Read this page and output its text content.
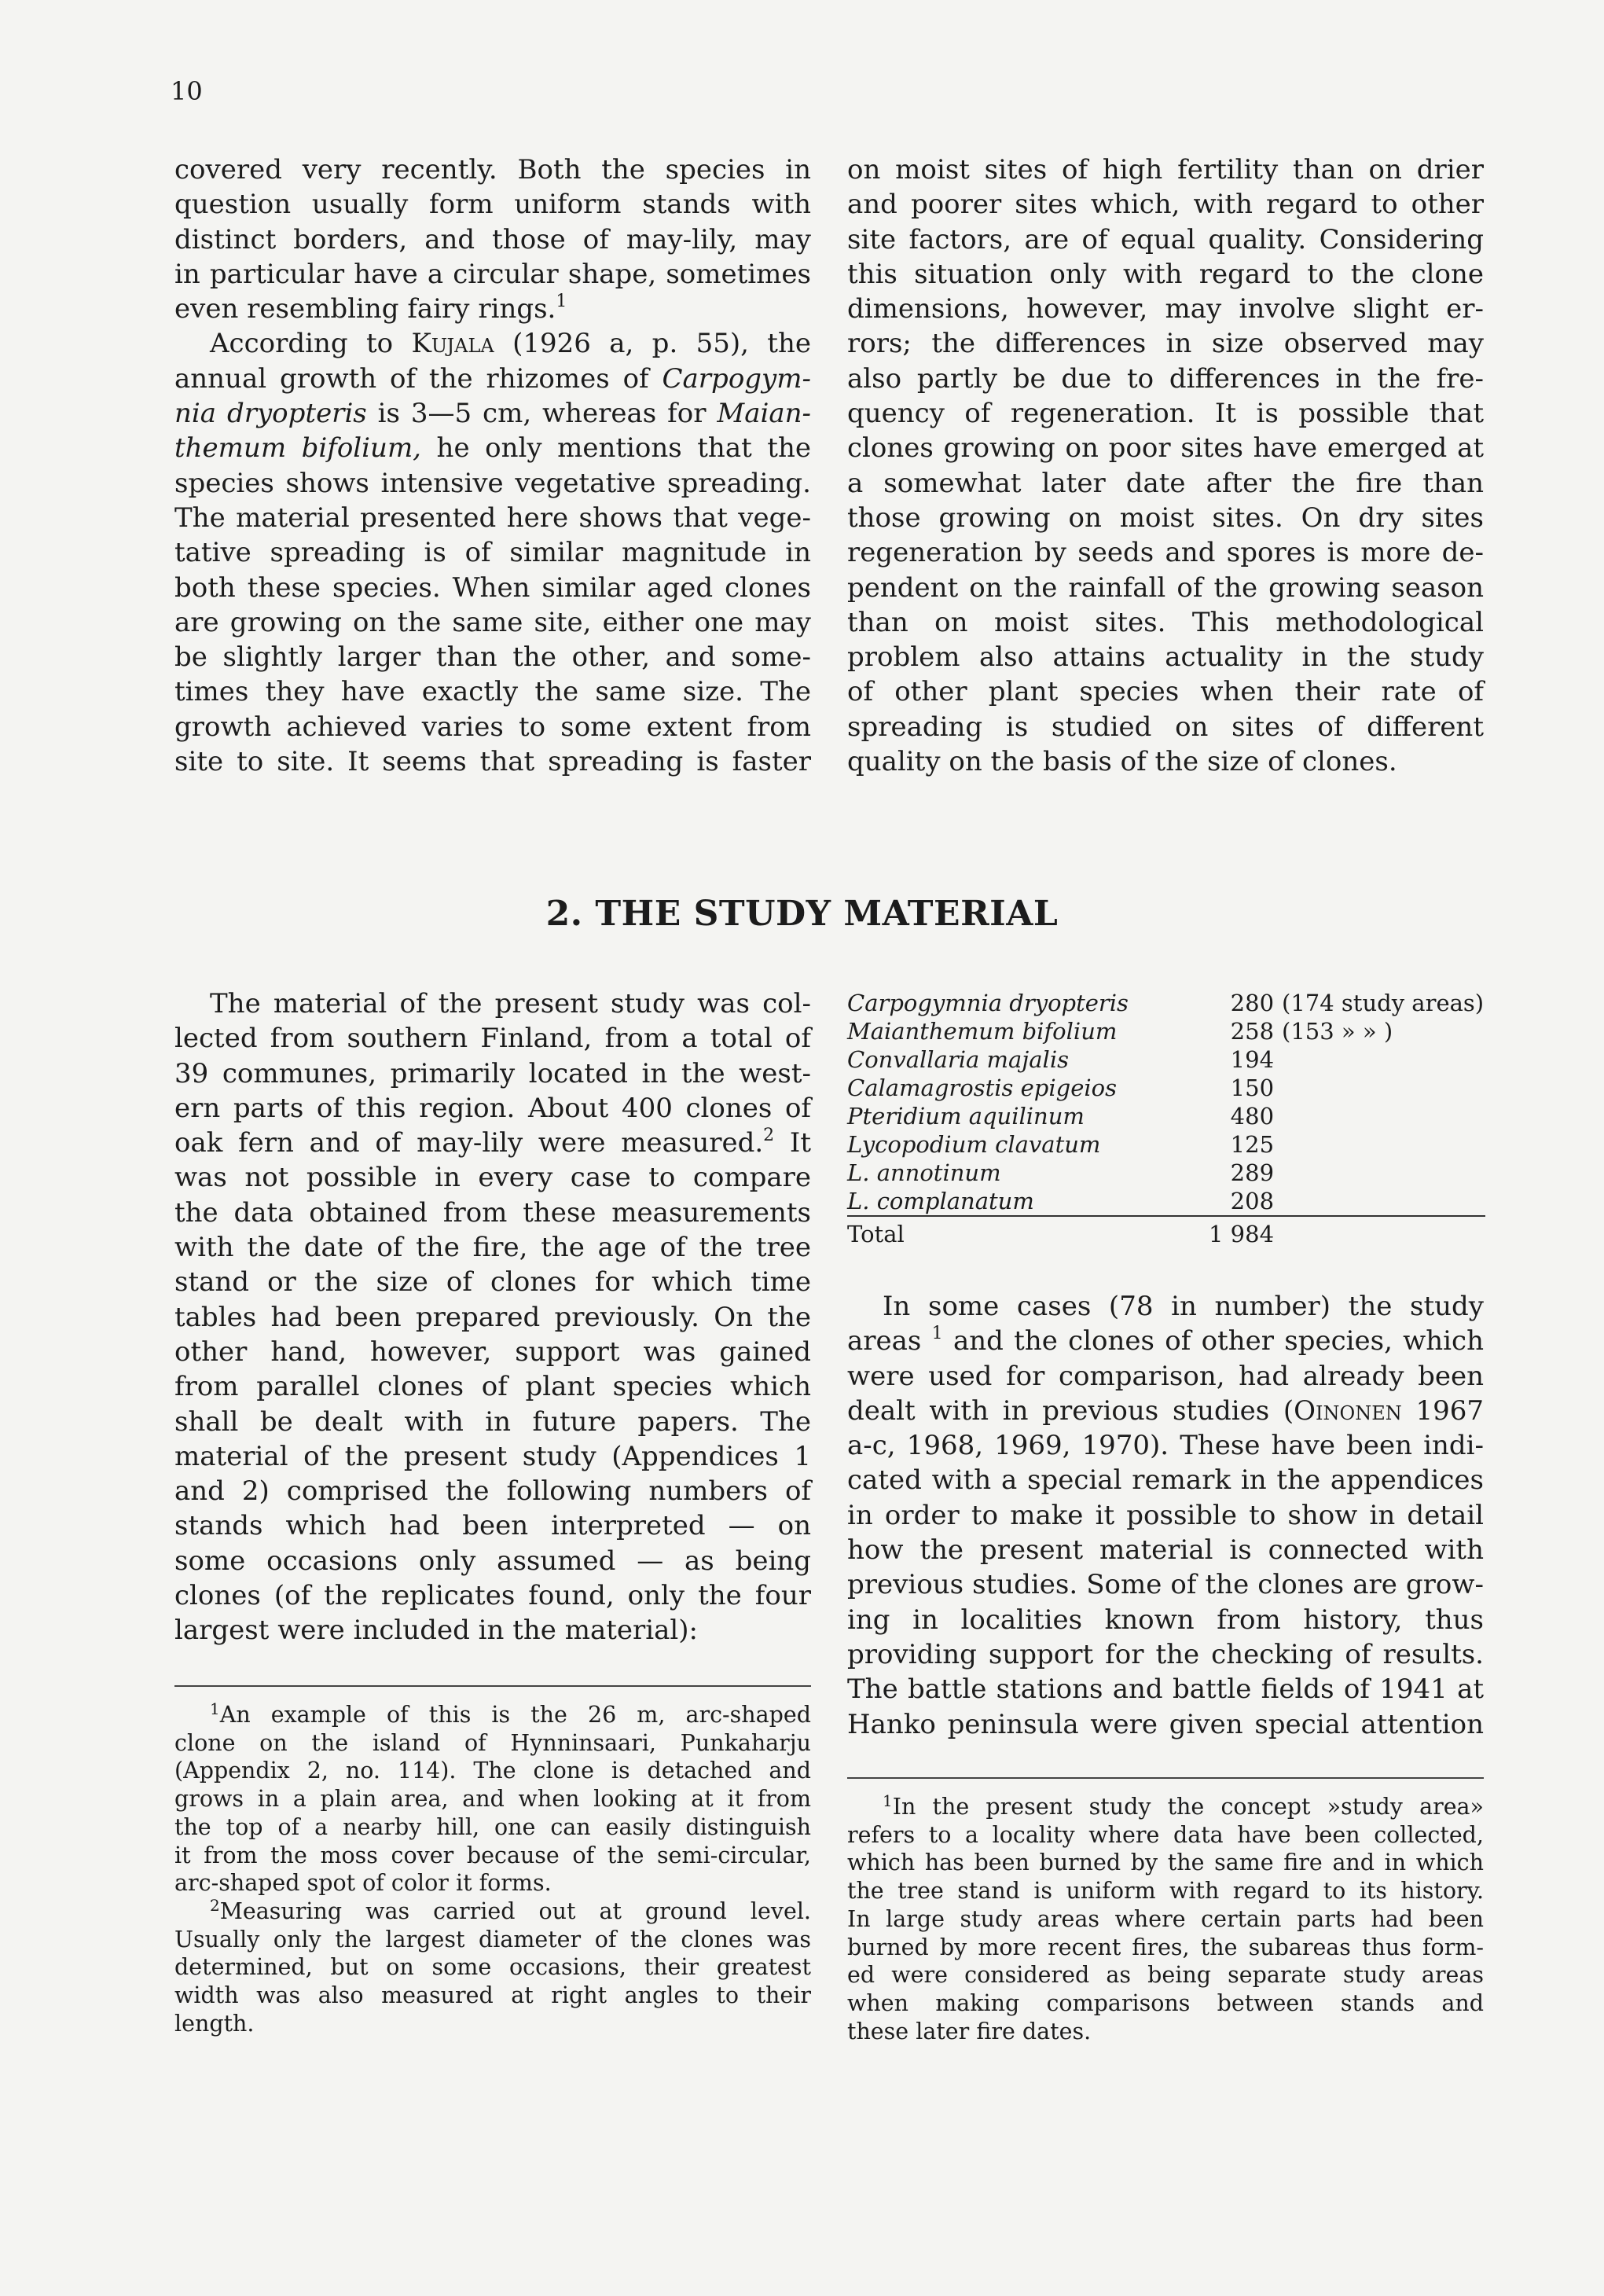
10

covered very recently. Both the species in
question usually form uniform stands with
distinct borders, and those of may-lily, may
in particular have a circular shape, sometimes
even resembling fairy rings.$^1$

According to Kujala (1926 a, p. 55), the
annual growth of the rhizomes of Carpogym-
nia dryopteris is 3—5 cm, whereas for Maian-
themum bifolium, he only mentions that the
species shows intensive vegetative spreading.
The material presented here shows that vege-
tative spreading is of similar magnitude in
both these species. When similar aged clones
are growing on the same site, either one may
be slightly larger than the other, and some-
times they have exactly the same size. The
growth achieved varies to some extent from
site to site. It seems that spreading is faster

on moist sites of high fertility than on drier
and poorer sites which, with regard to other
site factors, are of equal quality. Considering
this situation only with regard to the clone
dimensions, however, may involve slight er-
rors; the differences in size observed may
also partly be due to differences in the fre-
quency of regeneration. It is possible that
clones growing on poor sites have emerged at
a somewhat later date after the fire than
those growing on moist sites. On dry sites
regeneration by seeds and spores is more de-
pendent on the rainfall of the growing season
than on moist sites. This methodological
problem also attains actuality in the study
of other plant species when their rate of
spreading is studied on sites of different
quality on the basis of the size of clones.

2. THE STUDY MATERIAL

The material of the present study was col-
lected from southern Finland, from a total of
39 communes, primarily located in the west-
ern parts of this region. About 400 clones of
oak fern and of may-lily were measured.$^2$ It
was not possible in every case to compare
the data obtained from these measurements
with the date of the fire, the age of the tree
stand or the size of clones for which time
tables had been prepared previously. On the
other hand, however, support was gained
from parallel clones of plant species which
shall be dealt with in future papers. The
material of the present study (Appendices 1
and 2) comprised the following numbers of
stands which had been interpreted — on
some occasions only assumed — as being
clones (of the replicates found, only the four
largest were included in the material):

Carpogymnia dryopteris	280	(174 study areas)
Maianthemum bifolium	258	(153 » » )
Convallaria majalis	194	
Calamagrostis epigeios	150	
Pteridium aquilinum	480	
Lycopodium clavatum	125	
L. annotinum	289	
L. complanatum	208	
Total	1 984	

In some cases (78 in number) the study
areas $^1$ and the clones of other species, which
were used for comparison, had already been
dealt with in previous studies (Oinonen 1967
a-c, 1968, 1969, 1970). These have been indi-
cated with a special remark in the appendices
in order to make it possible to show in detail
how the present material is connected with
previous studies. Some of the clones are grow-
ing in localities known from history, thus
providing support for the checking of results.
The battle stations and battle fields of 1941 at
Hanko peninsula were given special attention

$^1$An example of this is the 26 m, arc-shaped
clone on the island of Hynninsaari, Punkaharju
(Appendix 2, no. 114). The clone is detached and
grows in a plain area, and when looking at it from
the top of a nearby hill, one can easily distinguish
it from the moss cover because of the semi-circular,
arc-shaped spot of color it forms.

$^2$Measuring was carried out at ground level.
Usually only the largest diameter of the clones was
determined, but on some occasions, their greatest
width was also measured at right angles to their
length.

$^1$In the present study the concept »study area»
refers to a locality where data have been collected,
which has been burned by the same fire and in which
the tree stand is uniform with regard to its history.
In large study areas where certain parts had been
burned by more recent fires, the subareas thus form-
ed were considered as being separate study areas
when making comparisons between stands and
these later fire dates.
